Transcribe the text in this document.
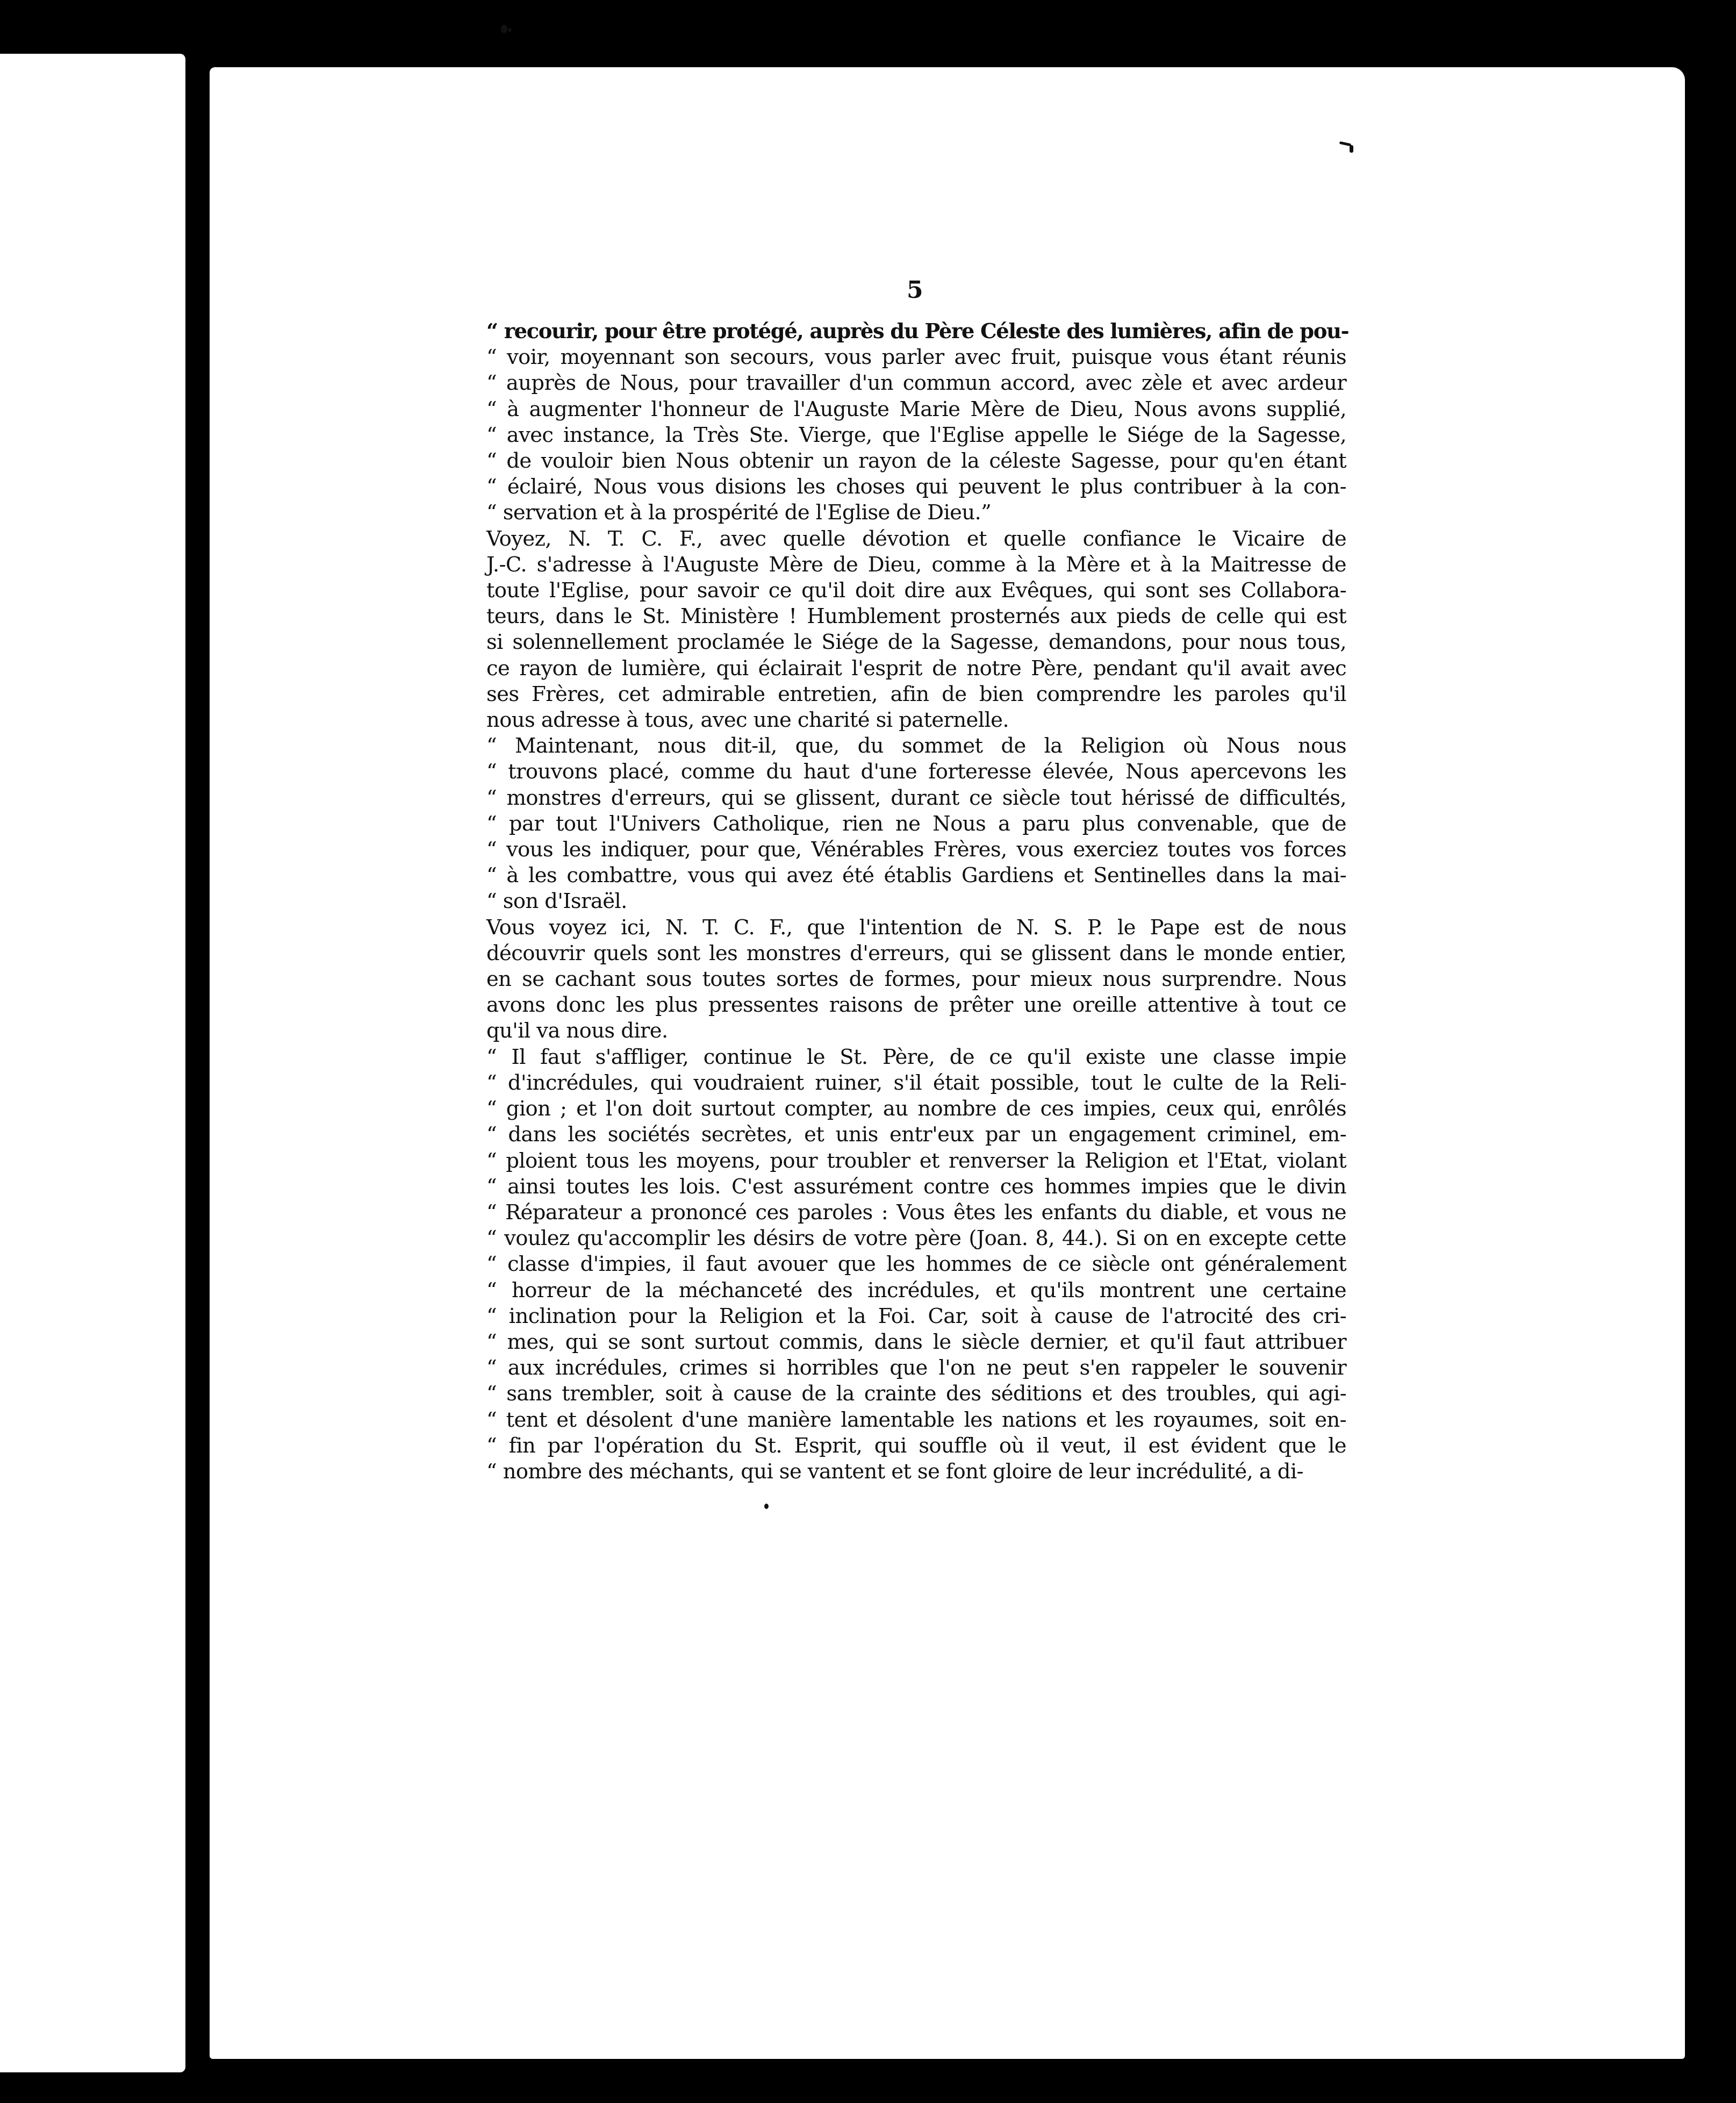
5
“ recourir, pour être protégé, auprès du Père Céleste des lumières, afin de pou-
“ voir, moyennant son secours, vous parler avec fruit, puisque vous étant réunis
“ auprès de Nous, pour travailler d'un commun accord, avec zèle et avec ardeur
“ à augmenter l'honneur de l'Auguste Marie Mère de Dieu, Nous avons supplié,
“ avec instance, la Très Ste. Vierge, que l'Eglise appelle le Siége de la Sagesse,
“ de vouloir bien Nous obtenir un rayon de la céleste Sagesse, pour qu'en étant
“ éclairé, Nous vous disions les choses qui peuvent le plus contribuer à la con-
“ servation et à la prospérité de l'Eglise de Dieu.”
Voyez, N. T. C. F., avec quelle dévotion et quelle confiance le Vicaire de
J.-C. s'adresse à l'Auguste Mère de Dieu, comme à la Mère et à la Maitresse de
toute l'Eglise, pour savoir ce qu'il doit dire aux Evêques, qui sont ses Collabora-
teurs, dans le St. Ministère ! Humblement prosternés aux pieds de celle qui est
si solennellement proclamée le Siége de la Sagesse, demandons, pour nous tous,
ce rayon de lumière, qui éclairait l'esprit de notre Père, pendant qu'il avait avec
ses Frères, cet admirable entretien, afin de bien comprendre les paroles qu'il
nous adresse à tous, avec une charité si paternelle.
“ Maintenant, nous dit-il, que, du sommet de la Religion où Nous nous
“ trouvons placé, comme du haut d'une forteresse élevée, Nous apercevons les
“ monstres d'erreurs, qui se glissent, durant ce siècle tout hérissé de difficultés,
“ par tout l'Univers Catholique, rien ne Nous a paru plus convenable, que de
“ vous les indiquer, pour que, Vénérables Frères, vous exerciez toutes vos forces
“ à les combattre, vous qui avez été établis Gardiens et Sentinelles dans la mai-
“ son d'Israël.
Vous voyez ici, N. T. C. F., que l'intention de N. S. P. le Pape est de nous
découvrir quels sont les monstres d'erreurs, qui se glissent dans le monde entier,
en se cachant sous toutes sortes de formes, pour mieux nous surprendre. Nous
avons donc les plus pressentes raisons de prêter une oreille attentive à tout ce
qu'il va nous dire.
“ Il faut s'affliger, continue le St. Père, de ce qu'il existe une classe impie
“ d'incrédules, qui voudraient ruiner, s'il était possible, tout le culte de la Reli-
“ gion ; et l'on doit surtout compter, au nombre de ces impies, ceux qui, enrôlés
“ dans les sociétés secrètes, et unis entr'eux par un engagement criminel, em-
“ ploient tous les moyens, pour troubler et renverser la Religion et l'Etat, violant
“ ainsi toutes les lois. C'est assurément contre ces hommes impies que le divin
“ Réparateur a prononcé ces paroles : Vous êtes les enfants du diable, et vous ne
“ voulez qu'accomplir les désirs de votre père (Joan. 8, 44.). Si on en excepte cette
“ classe d'impies, il faut avouer que les hommes de ce siècle ont généralement
“ horreur de la méchanceté des incrédules, et qu'ils montrent une certaine
“ inclination pour la Religion et la Foi. Car, soit à cause de l'atrocité des cri-
“ mes, qui se sont surtout commis, dans le siècle dernier, et qu'il faut attribuer
“ aux incrédules, crimes si horribles que l'on ne peut s'en rappeler le souvenir
“ sans trembler, soit à cause de la crainte des séditions et des troubles, qui agi-
“ tent et désolent d'une manière lamentable les nations et les royaumes, soit en-
“ fin par l'opération du St. Esprit, qui souffle où il veut, il est évident que le
“ nombre des méchants, qui se vantent et se font gloire de leur incrédulité, a di-
